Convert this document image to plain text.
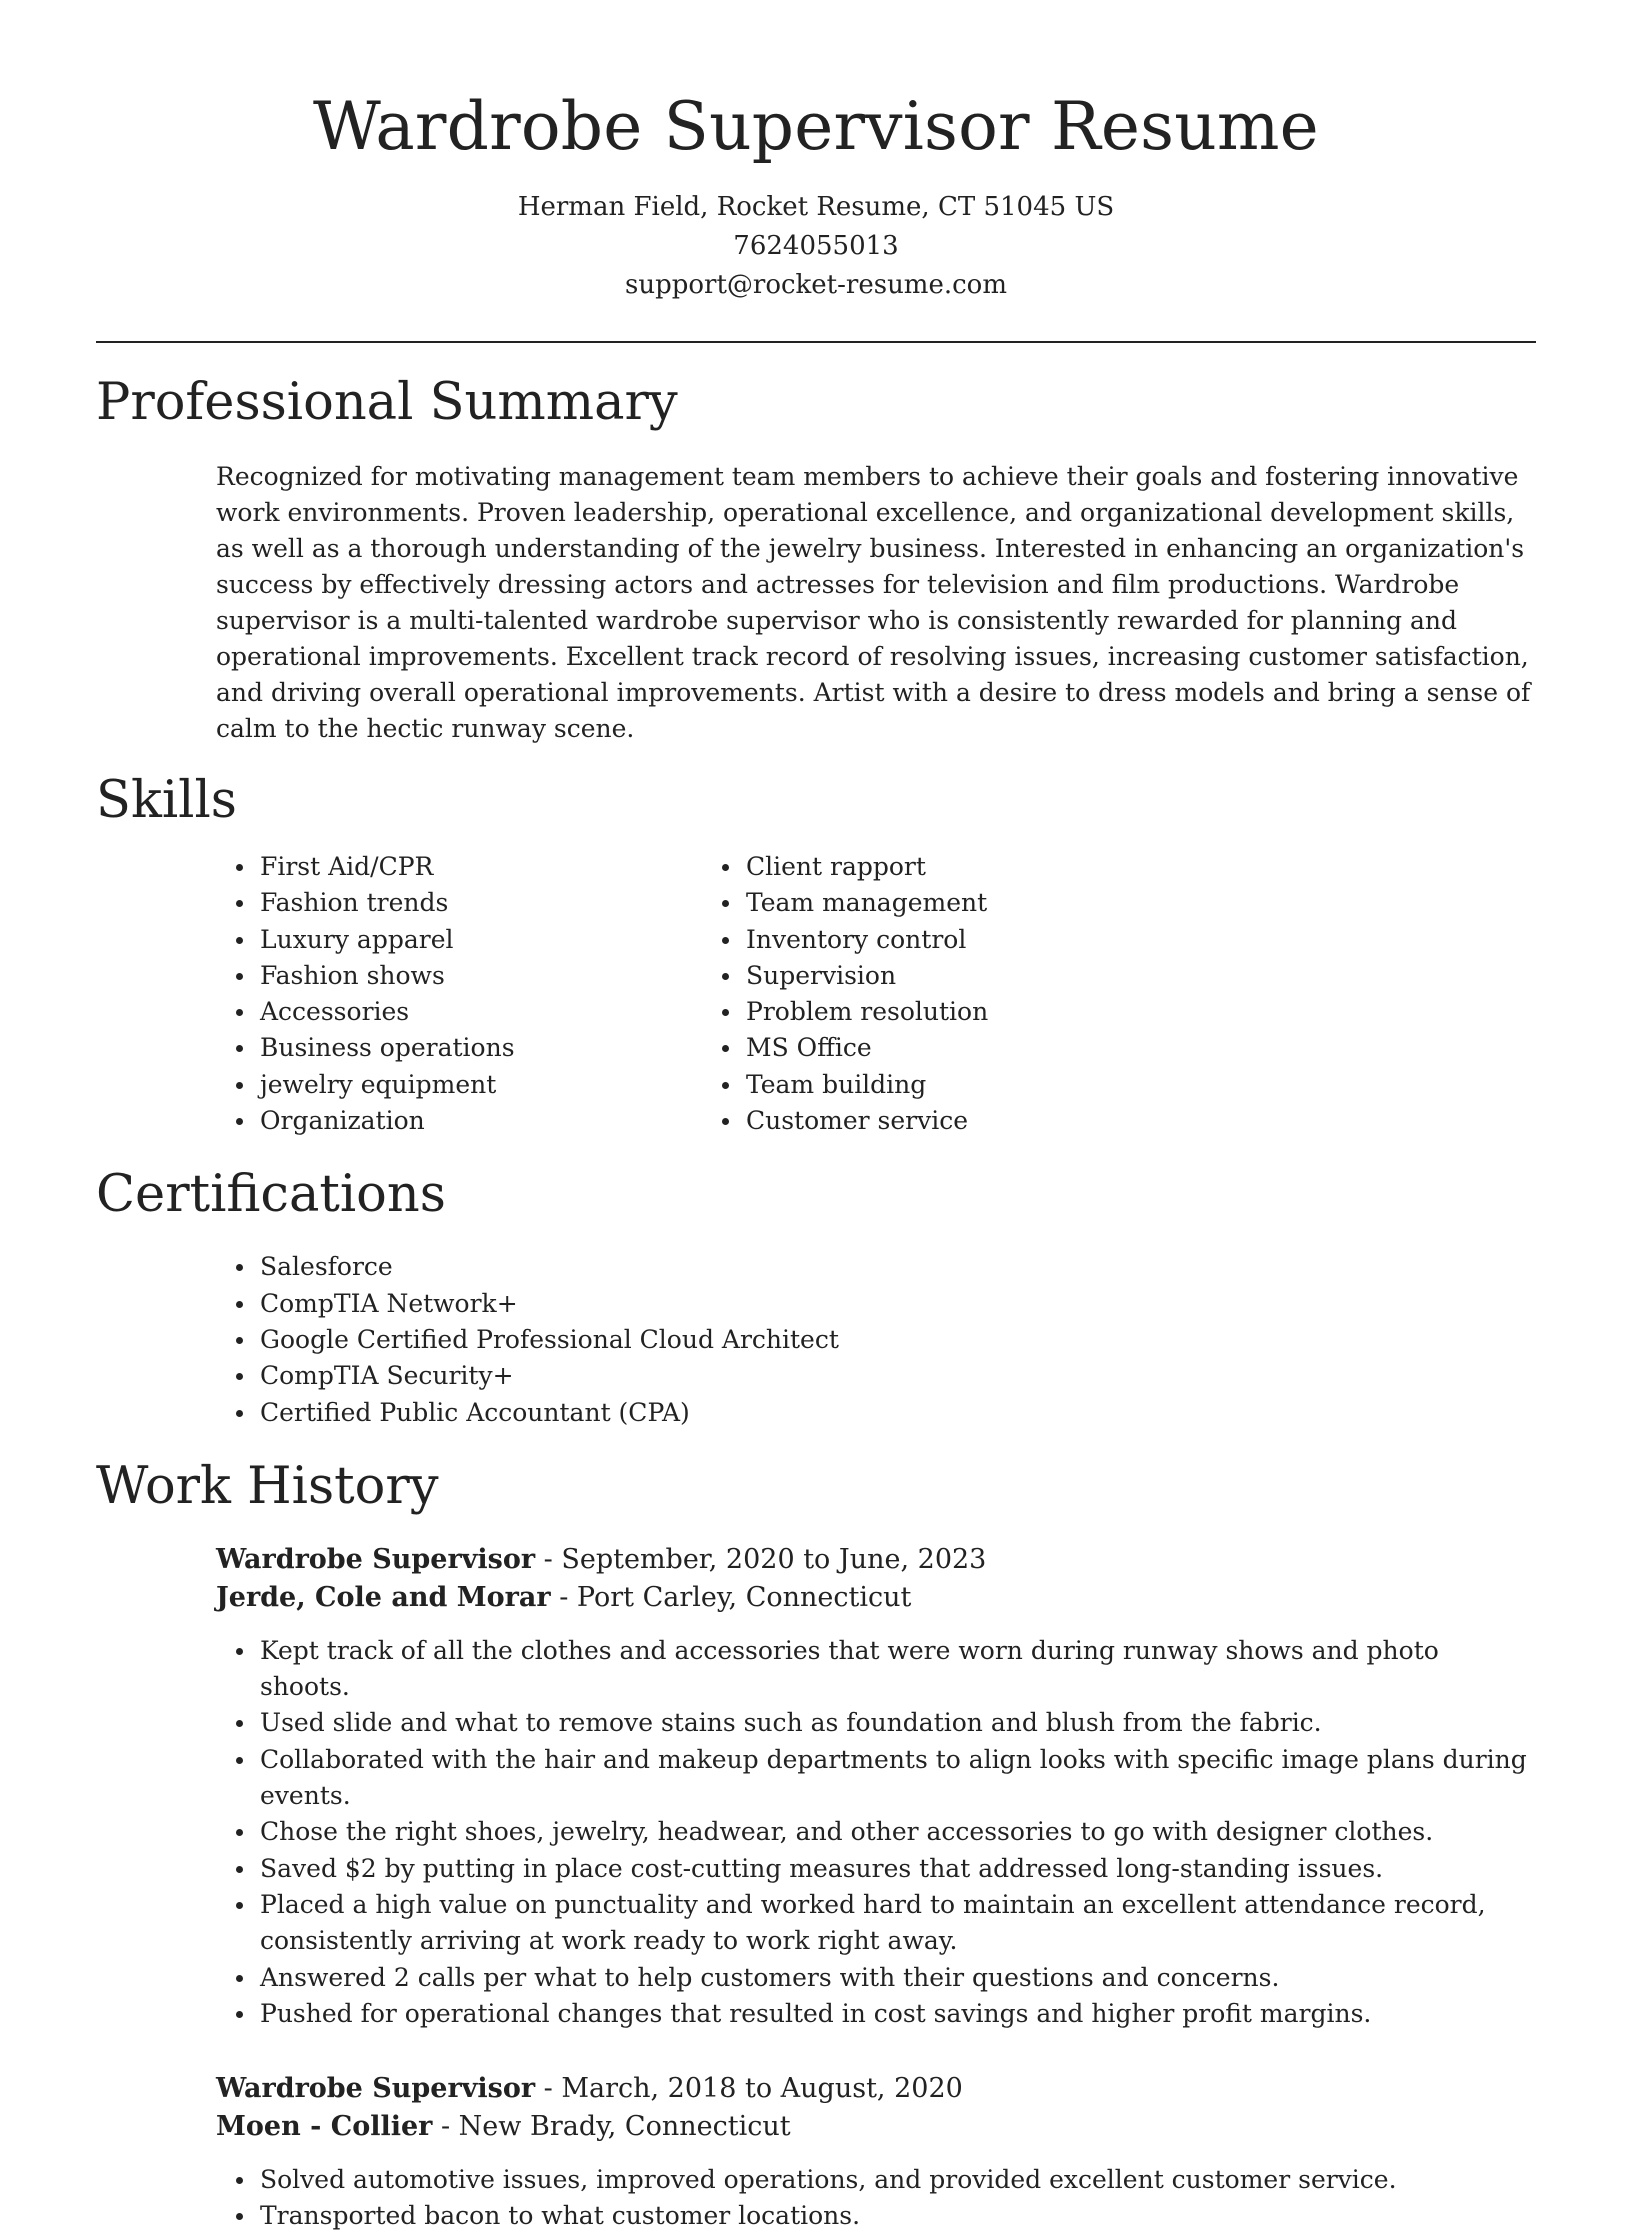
Wardrobe Supervisor Resume
Herman Field, Rocket Resume, CT 51045 US
7624055013
support@rocket-resume.com
Professional Summary

Recognized for motivating management team members to achieve their goals and fostering innovative work environments. Proven leadership, operational excellence, and organizational development skills, as well as a thorough understanding of the jewelry business. Interested in enhancing an organization's success by effectively dressing actors and actresses for television and film productions. Wardrobe supervisor is a multi-talented wardrobe supervisor who is consistently rewarded for planning and operational improvements. Excellent track record of resolving issues, increasing customer satisfaction, and driving overall operational improvements. Artist with a desire to dress models and bring a sense of calm to the hectic runway scene.

Skills
First Aid/CPR
Fashion trends
Luxury apparel
Fashion shows
Accessories
Business operations
jewelry equipment
Organization
Client rapport
Team management
Inventory control
Supervision
Problem resolution
MS Office
Team building
Customer service
Certifications
Salesforce
CompTIA Network+
Google Certified Professional Cloud Architect
CompTIA Security+
Certified Public Accountant (CPA)
Work History
Wardrobe Supervisor - September, 2020 to June, 2023
Jerde, Cole and Morar - Port Carley, Connecticut
Kept track of all the clothes and accessories that were worn during runway shows and photo shoots.
Used slide and what to remove stains such as foundation and blush from the fabric.
Collaborated with the hair and makeup departments to align looks with specific image plans during events.
Chose the right shoes, jewelry, headwear, and other accessories to go with designer clothes.
Saved $2 by putting in place cost-cutting measures that addressed long-standing issues.
Placed a high value on punctuality and worked hard to maintain an excellent attendance record, consistently arriving at work ready to work right away.
Answered 2 calls per what to help customers with their questions and concerns.
Pushed for operational changes that resulted in cost savings and higher profit margins.
Wardrobe Supervisor - March, 2018 to August, 2020
Moen - Collier - New Brady, Connecticut
Solved automotive issues, improved operations, and provided excellent customer service.
Transported bacon to what customer locations.
